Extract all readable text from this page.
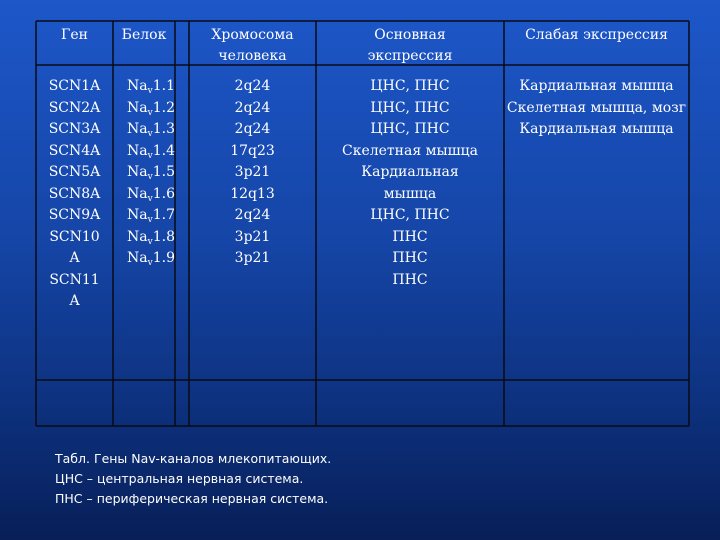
Ген	Белок	Хромосома
человека
Основная
экспрессия
Слабая экспрессия
SCN1A
SCN2A
SCN3A
SCN4A
SCN5A
SCN8A
SCN9A
SCN10
A
SCN11
A
$Na_v1.1$
$Na_v1.2$
$Na_v1.3$
$Na_v1.4$
$Na_v1.5$
$Na_v1.6$
$Na_v1.7$
$Na_v1.8$
$Na_v1.9$
2q24
2q24
2q24
17q23
3p21
12q13
2q24
3p21
3p21
ЦНС, ПНС
ЦНС, ПНС
ЦНС, ПНС
Скелетная мышца
Кардиальная
мышца
ЦНС, ПНС
ПНС
ПНС
ПНС
Кардиальная мышца
Скелетная мышца, мозг
Кардиальная мышца
Табл. Гены Nav-каналов млекопитающих.
ЦНС – центральная нервная система.
ПНС – периферическая нервная система.
